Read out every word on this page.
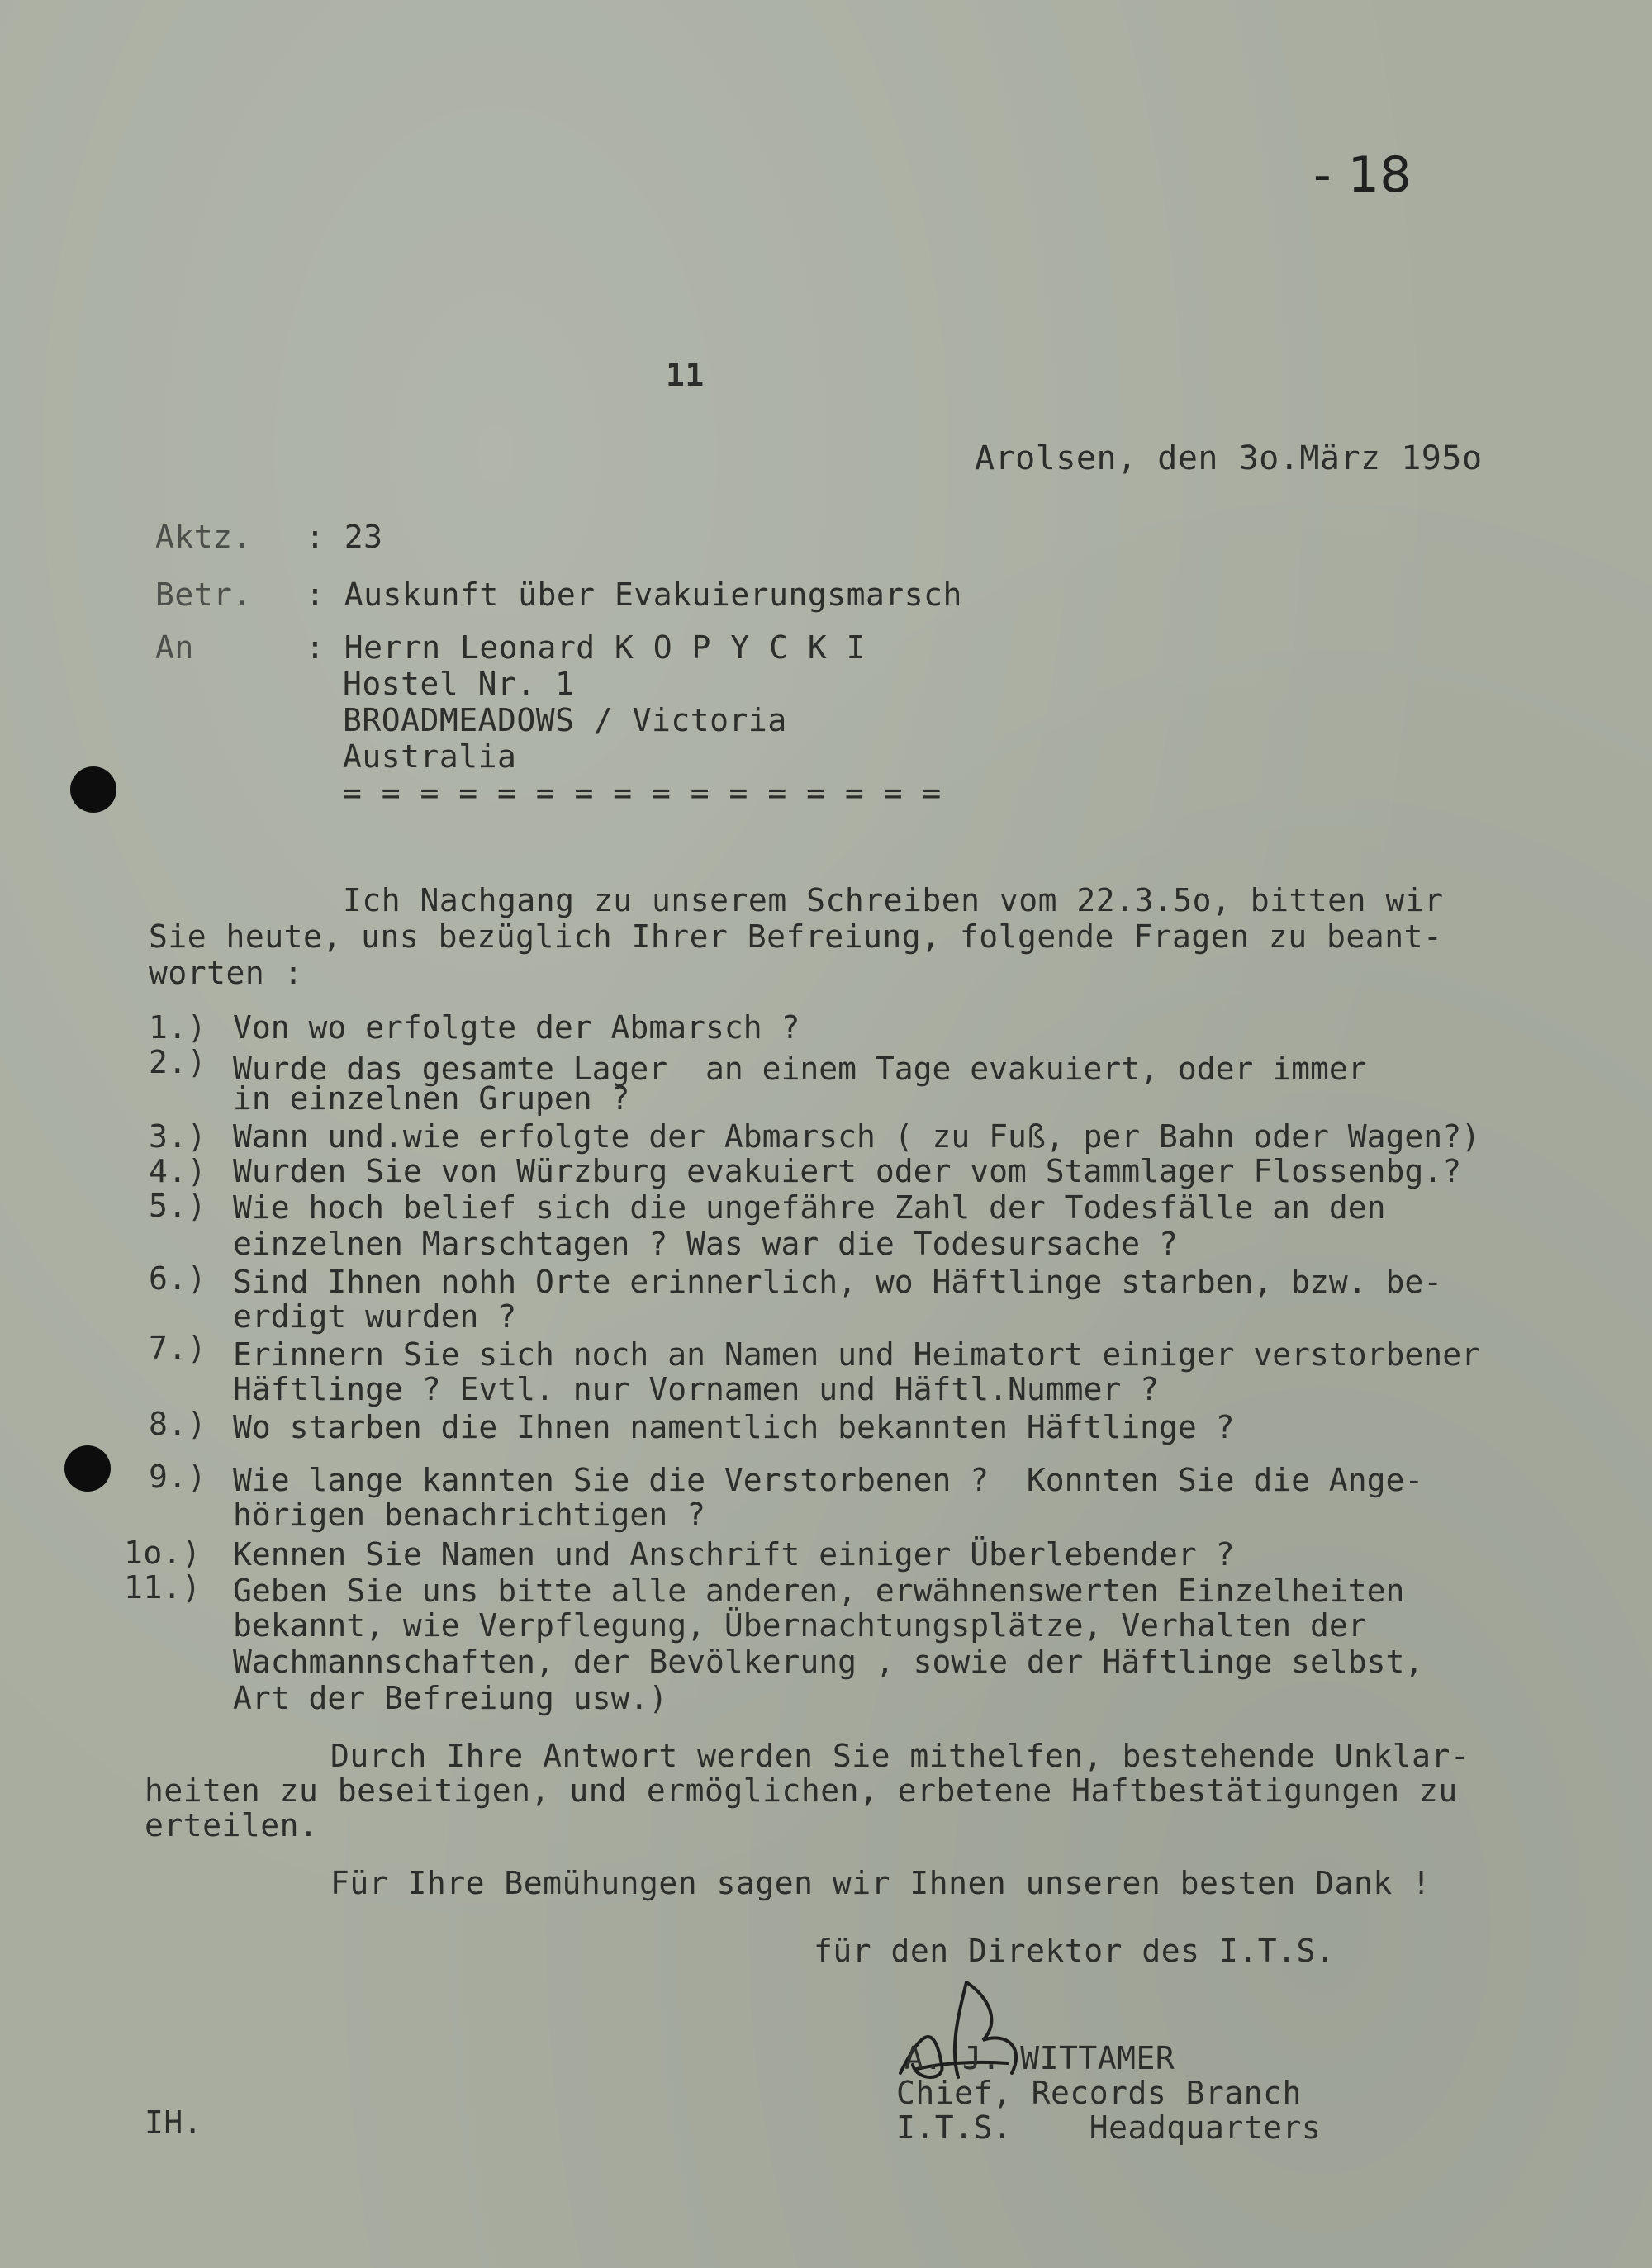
- 18
11
Arolsen, den 3o.März 195o
Aktz. : 23
Betr. : Auskunft über Evakuierungsmarsch
An	: Herrn Leonard K O P Y C K I
Hostel Nr. 1
BROADMEADOWS / Victoria
Australia
= = = = = = = = = = = = = = = =
Ich Nachgang zu unserem Schreiben vom 22.3.5o, bitten wir
Sie heute, uns bezüglich Ihrer Befreiung, folgende Fragen zu beant-
worten :
1.) Von wo erfolgte der Abmarsch ?
2.) Wurde das gesamte Lager  an einem Tage evakuiert, oder immer
in einzelnen Grupen ?
3.) Wann und.wie erfolgte der Abmarsch ( zu Fuß, per Bahn oder Wagen?)
4.) Wurden Sie von Würzburg evakuiert oder vom Stammlager Flossenbg.?
5.) Wie hoch belief sich die ungefähre Zahl der Todesfälle an den
einzelnen Marschtagen ? Was war die Todesursache ?
6.) Sind Ihnen nohh Orte erinnerlich, wo Häftlinge starben, bzw. be-
erdigt wurden ?
7.) Erinnern Sie sich noch an Namen und Heimatort einiger verstorbener
Häftlinge ? Evtl. nur Vornamen und Häftl.Nummer ?
8.) Wo starben die Ihnen namentlich bekannten Häftlinge ?
9.) Wie lange kannten Sie die Verstorbenen ?  Konnten Sie die Ange-
hörigen benachrichtigen ?
1o.) Kennen Sie Namen und Anschrift einiger Überlebender ?
11.) Geben Sie uns bitte alle anderen, erwähnenswerten Einzelheiten
bekannt, wie Verpflegung, Übernachtungsplätze, Verhalten der
Wachmannschaften, der Bevölkerung , sowie der Häftlinge selbst,
Art der Befreiung usw.)
Durch Ihre Antwort werden Sie mithelfen, bestehende Unklar-
heiten zu beseitigen, und ermöglichen, erbetene Haftbestätigungen zu
erteilen.
Für Ihre Bemühungen sagen wir Ihnen unseren besten Dank !
für den Direktor des I.T.S.
A. J. WITTAMER
Chief, Records Branch
I.T.S.    Headquarters
IH.
